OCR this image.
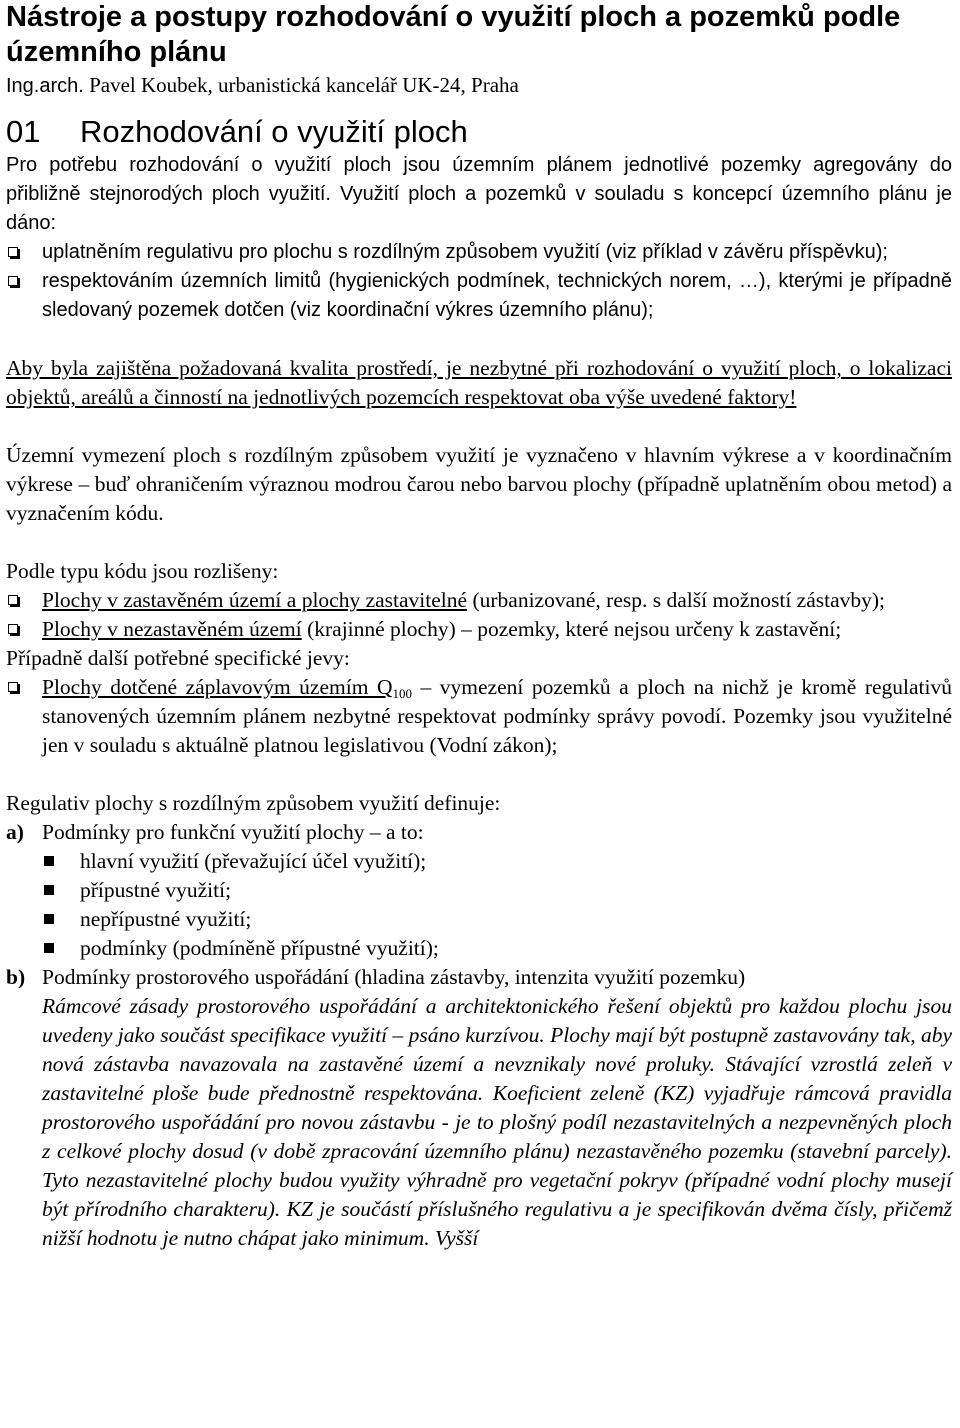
Nástroje a postupy rozhodování o využití ploch a pozemků podle územního plánu
Ing.arch. Pavel Koubek, urbanistická kancelář UK-24, Praha
01 Rozhodování o využití ploch

Pro potřebu rozhodování o využití ploch jsou územním plánem jednotlivé pozemky agregovány do přibližně stejnorodých ploch využití. Využití ploch a pozemků v souladu s koncepcí územního plánu je dáno:

uplatněním regulativu pro plochu s rozdílným způsobem využití (viz příklad v závěru příspěvku);
respektováním územních limitů (hygienických podmínek, technických norem, …), kterými je případně sledovaný pozemek dotčen (viz koordinační výkres územního plánu);

Aby byla zajištěna požadovaná kvalita prostředí, je nezbytné při rozhodování o využití ploch, o lokalizaci objektů, areálů a činností na jednotlivých pozemcích respektovat oba výše uvedené faktory!

Územní vymezení ploch s rozdílným způsobem využití je vyznačeno v hlavním výkrese a v koordinačním výkrese – buď ohraničením výraznou modrou čarou nebo barvou plochy (případně uplatněním obou metod) a vyznačením kódu.

Podle typu kódu jsou rozlišeny:

Plochy v zastavěném území a plochy zastavitelné (urbanizované, resp. s další možností zástavby);
Plochy v nezastavěném území (krajinné plochy) – pozemky, které nejsou určeny k zastavění;

Případně další potřebné specifické jevy:

Plochy dotčené záplavovým územím $Q_{100}$ – vymezení pozemků a ploch na nichž je kromě regulativů stanovených územním plánem nezbytné respektovat podmínky správy povodí. Pozemky jsou využitelné jen v souladu s aktuálně platnou legislativou (Vodní zákon);

Regulativ plochy s rozdílným způsobem využití definuje:

a) Podmínky pro funkční využití plochy – a to:

hlavní využití (převažující účel využití);
přípustné využití;
nepřípustné využití;
podmínky (podmíněně přípustné využití);

b) Podmínky prostorového uspořádání (hladina zástavby, intenzita využití pozemku)

Rámcové zásady prostorového uspořádání a architektonického řešení objektů pro každou plochu jsou uvedeny jako součást specifikace využití – psáno kurzívou. Plochy mají být postupně zastavovány tak, aby nová zástavba navazovala na zastavěné území a nevznikaly nové proluky. Stávající vzrostlá zeleň v zastavitelné ploše bude přednostně respektována. Koeficient zeleně (KZ) vyjadřuje rámcová pravidla prostorového uspořádání pro novou zástavbu - je to plošný podíl nezastavitelných a nezpevněných ploch z celkové plochy dosud (v době zpracování územního plánu) nezastavěného pozemku (stavební parcely). Tyto nezastavitelné plochy budou využity výhradně pro vegetační pokryv (případné vodní plochy musejí být přírodního charakteru). KZ je součástí příslušného regulativu a je specifikován dvěma čísly, přičemž nižší hodnotu je nutno chápat jako minimum. Vyšší
